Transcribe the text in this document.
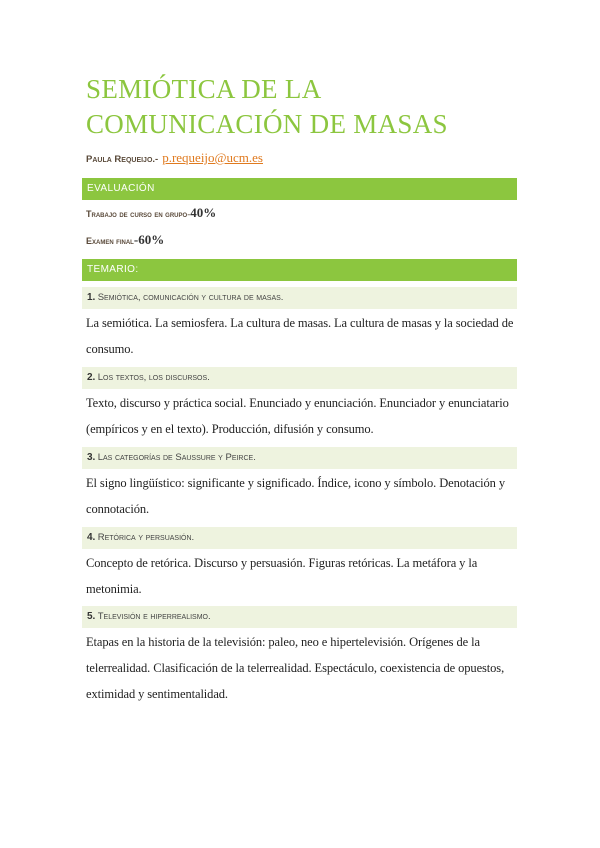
SEMIÓTICA DE LA COMUNICACIÓN DE MASAS
Paula Requeijo.- p.requeijo@ucm.es
EVALUACIÓN
Trabajo de curso en grupo - 40%
Examen final - 60%
TEMARIO:
1. Semiótica, comunicación y cultura de masas.
La semiótica. La semiosfera. La cultura de masas. La cultura de masas y la sociedad de consumo.
2. Los textos, los discursos.
Texto, discurso y práctica social. Enunciado y enunciación. Enunciador y enunciatario (empíricos y en el texto). Producción, difusión y consumo.
3. Las categorías de Saussure y Peirce.
El signo lingüístico: significante y significado. Índice, icono y símbolo. Denotación y connotación.
4. Retórica y persuasión.
Concepto de retórica. Discurso y persuasión. Figuras retóricas. La metáfora y la metonimia.
5. Televisión e hiperrealismo.
Etapas en la historia de la televisión: paleo, neo e hipertelevisión. Orígenes de la telerrealidad. Clasificación de la telerrealidad. Espectáculo, coexistencia de opuestos, extimidad y sentimentalidad.
